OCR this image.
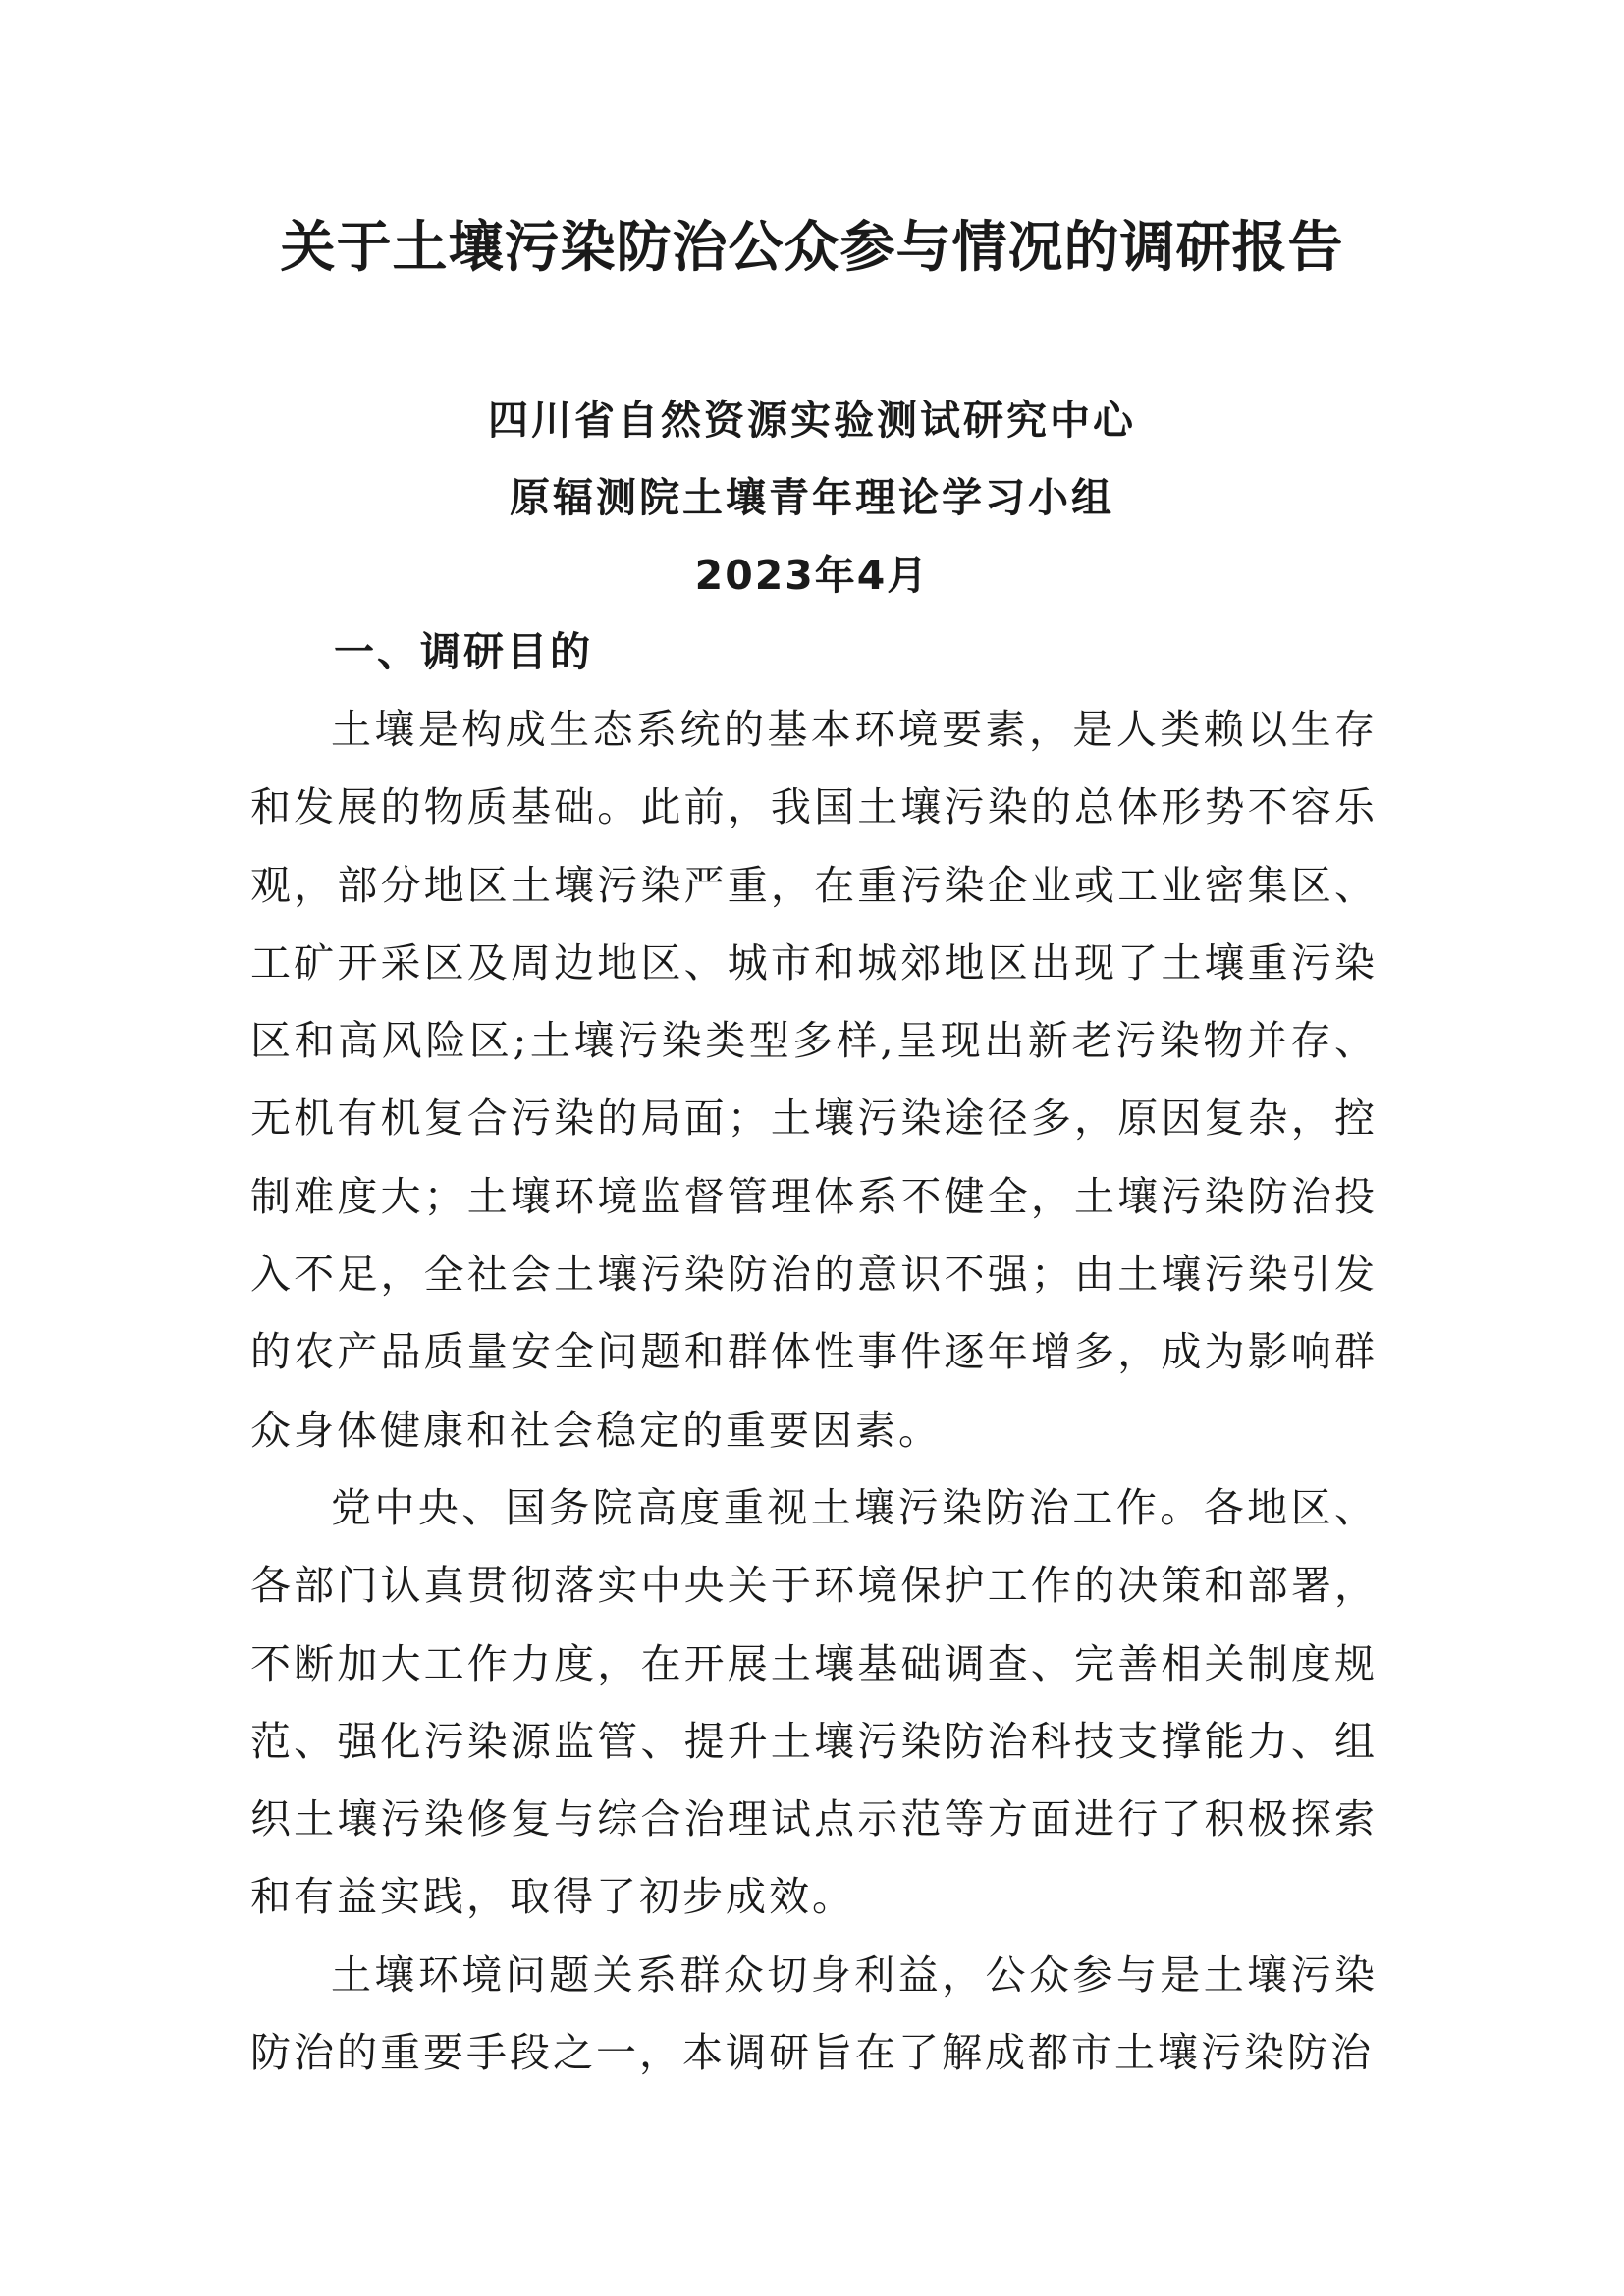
关于土壤污染防治公众参与情况的调研报告
四川省自然资源实验测试研究中心
原辐测院土壤青年理论学习小组
2023年4月
一、调研目的

土壤是构成生态系统的基本环境要素，是人类赖以生存和发展的物质基础。此前，我国土壤污染的总体形势不容乐观，部分地区土壤污染严重，在重污染企业或工业密集区、工矿开采区及周边地区、城市和城郊地区出现了土壤重污染区和高风险区;土壤污染类型多样,呈现出新老污染物并存、无机有机复合污染的局面；土壤污染途径多，原因复杂，控制难度大；土壤环境监督管理体系不健全，土壤污染防治投入不足，全社会土壤污染防治的意识不强；由土壤污染引发的农产品质量安全问题和群体性事件逐年增多，成为影响群众身体健康和社会稳定的重要因素。

党中央、国务院高度重视土壤污染防治工作。各地区、各部门认真贯彻落实中央关于环境保护工作的决策和部署，不断加大工作力度，在开展土壤基础调查、完善相关制度规范、强化污染源监管、提升土壤污染防治科技支撑能力、组织土壤污染修复与综合治理试点示范等方面进行了积极探索和有益实践，取得了初步成效。

土壤环境问题关系群众切身利益，公众参与是土壤污染防治的重要手段之一，本调研旨在了解成都市土壤污染防治
